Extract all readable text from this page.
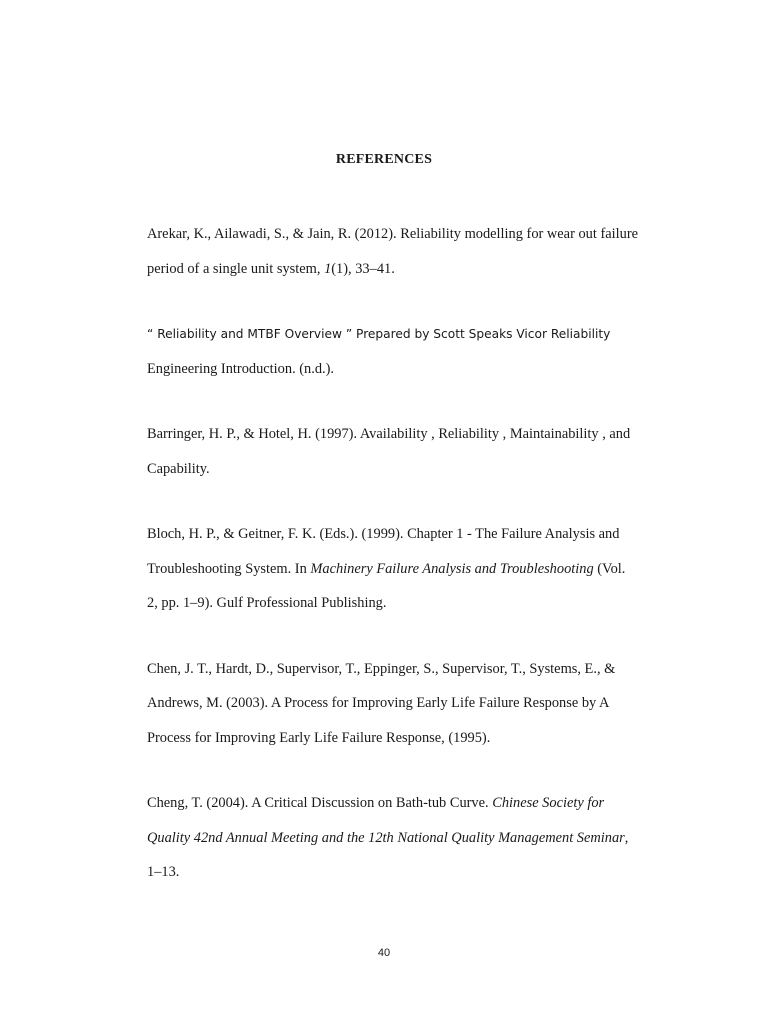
REFERENCES

Arekar, K., Ailawadi, S., & Jain, R. (2012). Reliability modelling for wear out failure
period of a single unit system, 1(1), 33–41.

“ Reliability and MTBF Overview ” Prepared by Scott Speaks Vicor Reliability
Engineering Introduction. (n.d.).

Barringer, H. P., & Hotel, H. (1997). Availability , Reliability , Maintainability , and
Capability.

Bloch, H. P., & Geitner, F. K. (Eds.). (1999). Chapter 1 - The Failure Analysis and
Troubleshooting System. In Machinery Failure Analysis and Troubleshooting (Vol.
2, pp. 1–9). Gulf Professional Publishing.

Chen, J. T., Hardt, D., Supervisor, T., Eppinger, S., Supervisor, T., Systems, E., &
Andrews, M. (2003). A Process for Improving Early Life Failure Response by A
Process for Improving Early Life Failure Response, (1995).

Cheng, T. (2004). A Critical Discussion on Bath-tub Curve. Chinese Society for
Quality 42nd Annual Meeting and the 12th National Quality Management Seminar,
1–13.

40
